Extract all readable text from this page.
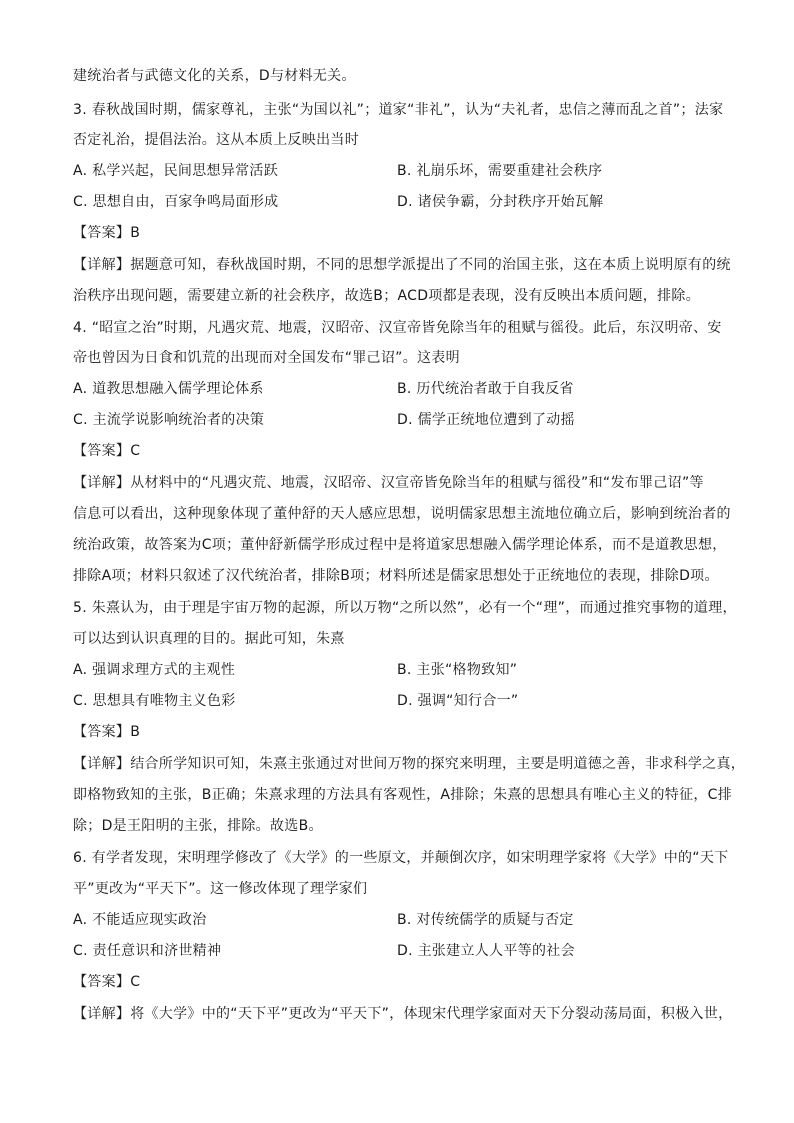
建统治者与武德文化的关系，D与材料无关。
3. 春秋战国时期，儒家尊礼，主张“为国以礼”；道家“非礼”，认为“夫礼者，忠信之薄而乱之首”；法家
否定礼治，提倡法治。这从本质上反映出当时
A. 私学兴起，民间思想异常活跃	B. 礼崩乐坏，需要重建社会秩序
C. 思想自由，百家争鸣局面形成	D. 诸侯争霸，分封秩序开始瓦解
【答案】B
【详解】据题意可知，春秋战国时期，不同的思想学派提出了不同的治国主张，这在本质上说明原有的统
治秩序出现问题，需要建立新的社会秩序，故选B；ACD项都是表现，没有反映出本质问题，排除。
4. “昭宣之治”时期，凡遇灾荒、地震，汉昭帝、汉宣帝皆免除当年的租赋与徭役。此后，东汉明帝、安
帝也曾因为日食和饥荒的出现而对全国发布“罪己诏”。这表明
A. 道教思想融入儒学理论体系	B. 历代统治者敢于自我反省
C. 主流学说影响统治者的决策	D. 儒学正统地位遭到了动摇
【答案】C
【详解】从材料中的“凡遇灾荒、地震，汉昭帝、汉宣帝皆免除当年的租赋与徭役”和“发布罪己诏”等
信息可以看出，这种现象体现了董仲舒的天人感应思想，说明儒家思想主流地位确立后，影响到统治者的
统治政策，故答案为C项；董仲舒新儒学形成过程中是将道家思想融入儒学理论体系，而不是道教思想，
排除A项；材料只叙述了汉代统治者，排除B项；材料所述是儒家思想处于正统地位的表现，排除D项。
5. 朱熹认为，由于理是宇宙万物的起源，所以万物“之所以然”，必有一个“理”，而通过推究事物的道理，
可以达到认识真理的目的。据此可知，朱熹
A. 强调求理方式的主观性	B. 主张“格物致知”
C. 思想具有唯物主义色彩	D. 强调“知行合一”
【答案】B
【详解】结合所学知识可知，朱熹主张通过对世间万物的探究来明理，主要是明道德之善，非求科学之真，
即格物致知的主张，B正确；朱熹求理的方法具有客观性，A排除；朱熹的思想具有唯心主义的特征，C排
除；D是王阳明的主张，排除。故选B。
6. 有学者发现，宋明理学修改了《大学》的一些原文，并颠倒次序，如宋明理学家将《大学》中的“天下
平”更改为“平天下”。这一修改体现了理学家们
A. 不能适应现实政治	B. 对传统儒学的质疑与否定
C. 责任意识和济世精神	D. 主张建立人人平等的社会
【答案】C
【详解】将《大学》中的“天下平”更改为“平天下”，体现宋代理学家面对天下分裂动荡局面，积极入世，
